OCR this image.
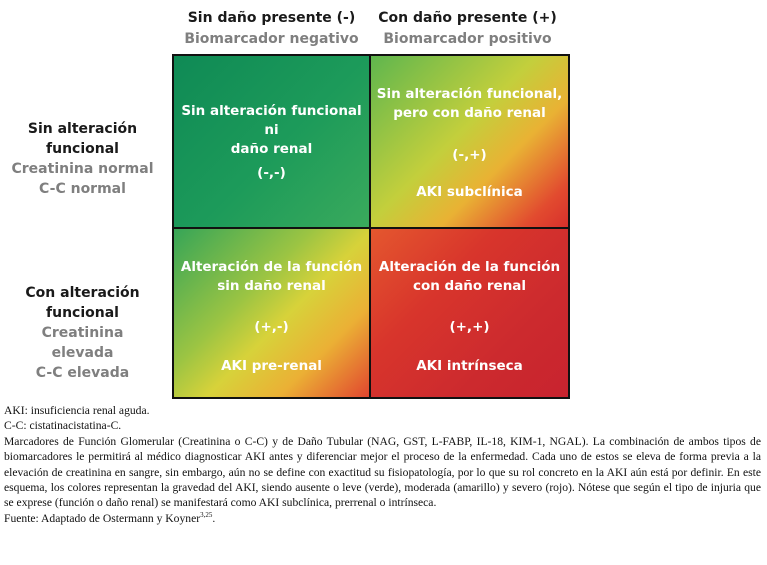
Sin daño presente (-)
Biomarcador negativo
Con daño presente (+)
Biomarcador positivo
Sin alteración
funcional
Creatinina normal
C-C normal
Con alteración
funcional
Creatinina elevada
C-C elevada
Sin alteración funcional ni
daño renal
(-,-)
Sin alteración funcional,
pero con daño renal
(-,+)
AKI subclínica
Alteración de la función
sin daño renal
(+,-)
AKI pre-renal
Alteración de la función
con daño renal
(+,+)
AKI intrínseca

AKI: insuficiencia renal aguda.

C-C: cistatinacistatina-C.

Marcadores de Función Glomerular (Creatinina o C-C) y de Daño Tubular (NAG, GST, L-FABP, IL-18, KIM-1, NGAL). La combinación de ambos tipos de biomarcadores le permitirá al médico diagnosticar AKI antes y diferenciar mejor el proceso de la enfermedad. Cada uno de estos se eleva de forma previa a la elevación de creatinina en sangre, sin embargo, aún no se define con exactitud su fisiopatología, por lo que su rol concreto en la AKI aún está por definir. En este esquema, los colores representan la gravedad del AKI, siendo ausente o leve (verde), moderada (amarillo) y severo (rojo). Nótese que según el tipo de injuria que se exprese (función o daño renal) se manifestará como AKI subclínica, prerrenal o intrínseca.

Fuente: Adaptado de Ostermann y Koyner$^{3,25}$.
